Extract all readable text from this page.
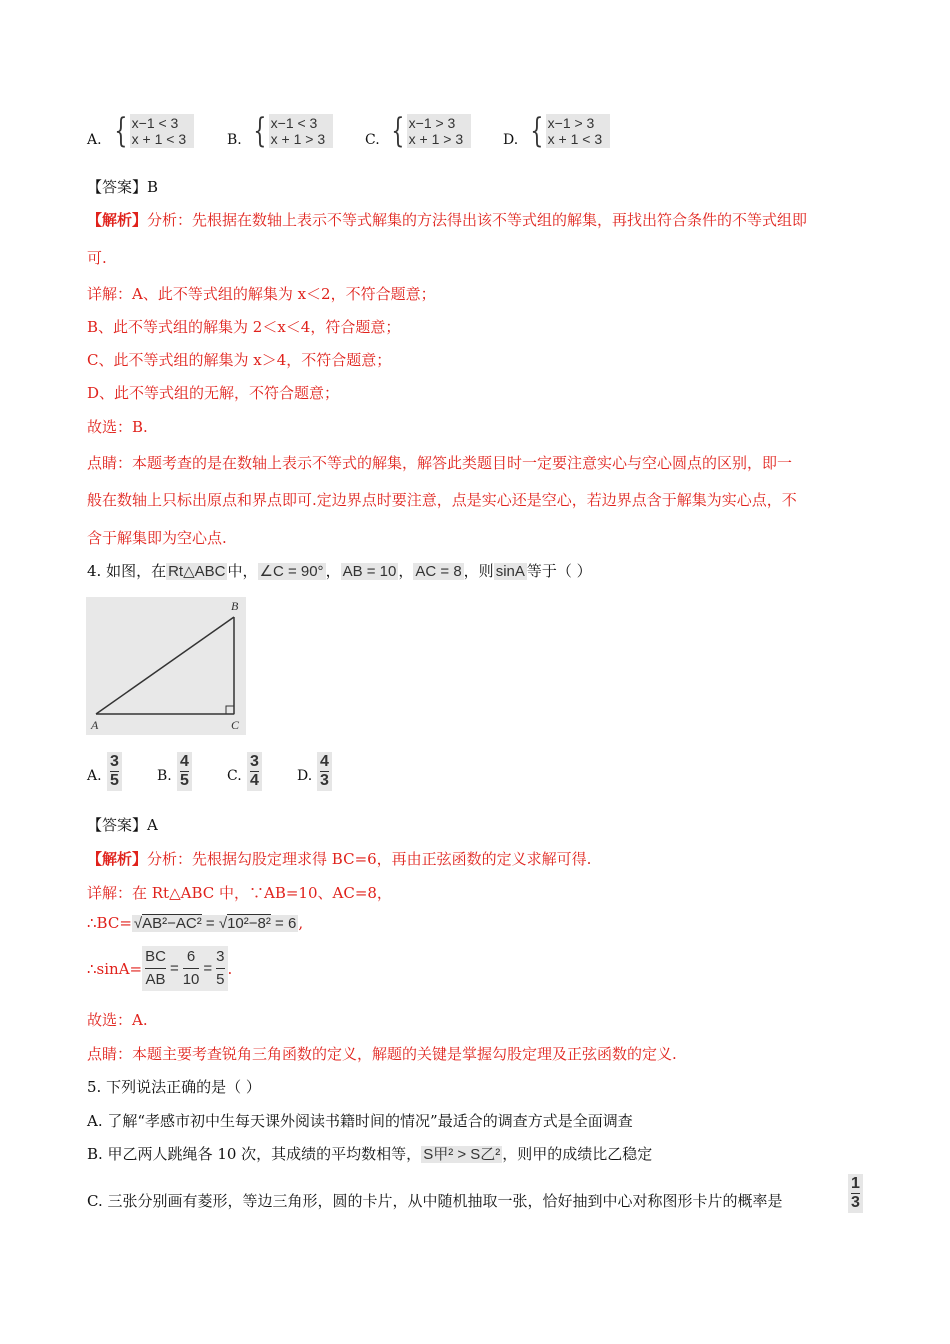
A. { x−1 < 3
x + 1 < 3	B. { x−1 < 3
x + 1 > 3	C. { x−1 > 3
x + 1 > 3	D. { x−1 > 3
x + 1 < 3
【答案】B
【解析】分析：先根据在数轴上表示不等式解集的方法得出该不等式组的解集，再找出符合条件的不等式组即
可.
详解：A、此不等式组的解集为 x＜2，不符合题意；
B、此不等式组的解集为 2＜x＜4，符合题意；
C、此不等式组的解集为 x＞4，不符合题意；
D、此不等式组的无解，不符合题意；
故选：B.
点睛：本题考查的是在数轴上表示不等式的解集，解答此类题目时一定要注意实心与空心圆点的区别，即一
般在数轴上只标出原点和界点即可.定边界点时要注意，点是实心还是空心，若边界点含于解集为实心点，不
含于解集即为空心点.
4. 如图，在 Rt△ABC 中， ∠C = 90° ， AB = 10 ， AC = 8 ，则 sinA 等于（ ）
B
A	C
A.
3
5	B.
4
5	C.
3
4	D.
4
3
【答案】A
【解析】分析：先根据勾股定理求得 BC=6，再由正弦函数的定义求解可得.
详解：在 Rt△ABC 中，∵AB=10、AC=8，
∴BC= √AB²−AC² = √10²−8² = 6 ,
∴sinA=
BC
AB
=
6
10
=
3
5
.
故选：A.
点睛：本题主要考查锐角三角函数的定义，解题的关键是掌握勾股定理及正弦函数的定义.
5. 下列说法正确的是（ ）
A. 了解“孝感市初中生每天课外阅读书籍时间的情况”最适合的调查方式是全面调查
B. 甲乙两人跳绳各 10 次，其成绩的平均数相等， S甲² > S乙² ，则甲的成绩比乙稳定
C. 三张分别画有菱形，等边三角形，圆的卡片，从中随机抽取一张，恰好抽到中心对称图形卡片的概率是
1
3
